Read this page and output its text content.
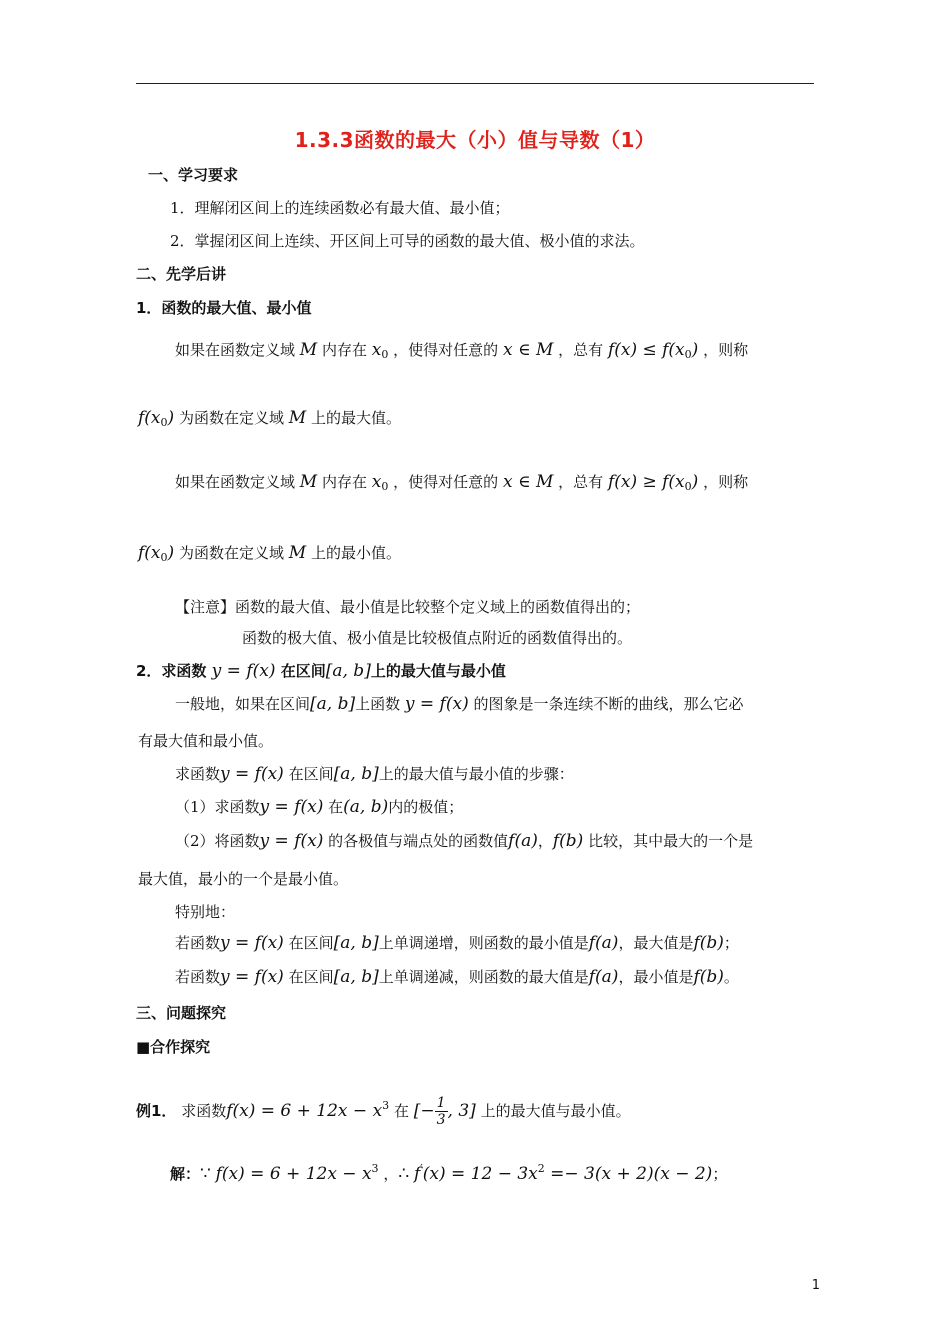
1.3.3函数的最大（小）值与导数（1）
一、学习要求
1．理解闭区间上的连续函数必有最大值、最小值；
2．掌握闭区间上连续、开区间上可导的函数的最大值、极小值的求法。
二、先学后讲
1．函数的最大值、最小值
如果在函数定义域 M 内存在 $x_0$ ，使得对任意的 x ∈ M ，总有 $f(x) \le f(x_0)$ ，则称
$f(x_0)$ 为函数在定义域 M 上的最大值。
如果在函数定义域 M 内存在 $x_0$ ，使得对任意的 x ∈ M ，总有 $f(x) \ge f(x_0)$ ，则称
$f(x_0)$ 为函数在定义域 M 上的最小值。
【注意】函数的最大值、最小值是比较整个定义域上的函数值得出的；
函数的极大值、极小值是比较极值点附近的函数值得出的。
2．求函数 y = f(x) 在区间[a, b]上的最大值与最小值
一般地，如果在区间[a, b]上函数 y = f(x) 的图象是一条连续不断的曲线，那么它必
有最大值和最小值。
求函数y = f(x) 在区间[a, b]上的最大值与最小值的步骤：
（1）求函数y = f(x) 在(a, b)内的极值；
（2）将函数y = f(x) 的各极值与端点处的函数值f(a)，f(b) 比较，其中最大的一个是
最大值，最小的一个是最小值。
特别地：
若函数y = f(x) 在区间[a, b]上单调递增，则函数的最小值是f(a)，最大值是f(b)；
若函数y = f(x) 在区间[a, b]上单调递减，则函数的最大值是f(a)，最小值是f(b)。
三、问题探究
■合作探究
例1． 求函数$f(x) = 6 + 12x - x^3$ 在 [− $\frac{1}{3}$ , 3] 上的最大值与最小值。
解：∵ $f(x) = 6 + 12x - x^3$ ，∴ $f'(x) = 12 - 3x^2 =- 3(x + 2)(x - 2)$；
1
